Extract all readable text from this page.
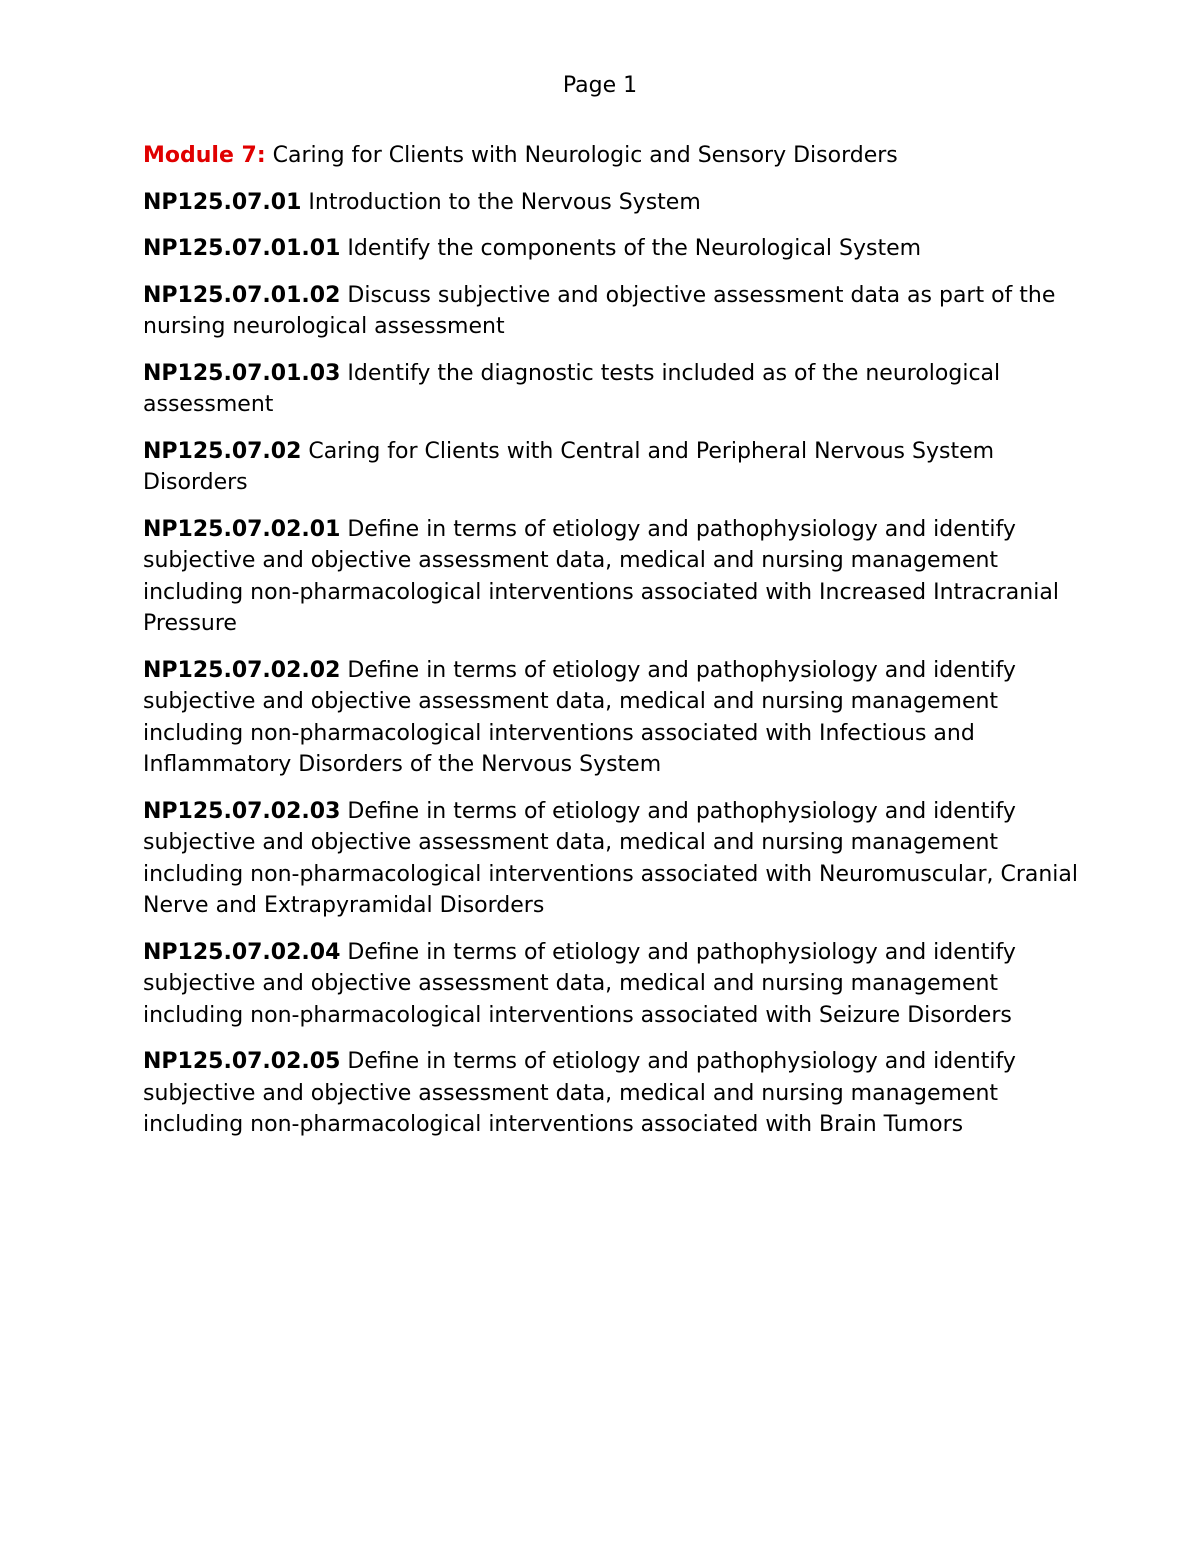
Page 1

Module 7: Caring for Clients with Neurologic and Sensory Disorders

NP125.07.01 Introduction to the Nervous System

NP125.07.01.01 Identify the components of the Neurological System

NP125.07.01.02 Discuss subjective and objective assessment data as part of the nursing neurological assessment

NP125.07.01.03 Identify the diagnostic tests included as of the neurological assessment

NP125.07.02 Caring for Clients with Central and Peripheral Nervous System Disorders

NP125.07.02.01 Define in terms of etiology and pathophysiology and identify subjective and objective assessment data, medical and nursing management including non-pharmacological interventions associated with Increased Intracranial Pressure

NP125.07.02.02 Define in terms of etiology and pathophysiology and identify subjective and objective assessment data, medical and nursing management including non-pharmacological interventions associated with Infectious and Inflammatory Disorders of the Nervous System

NP125.07.02.03 Define in terms of etiology and pathophysiology and identify subjective and objective assessment data, medical and nursing management including non-pharmacological interventions associated with Neuromuscular, Cranial Nerve and Extrapyramidal Disorders

NP125.07.02.04 Define in terms of etiology and pathophysiology and identify subjective and objective assessment data, medical and nursing management including non-pharmacological interventions associated with Seizure Disorders

NP125.07.02.05 Define in terms of etiology and pathophysiology and identify subjective and objective assessment data, medical and nursing management including non-pharmacological interventions associated with Brain Tumors
